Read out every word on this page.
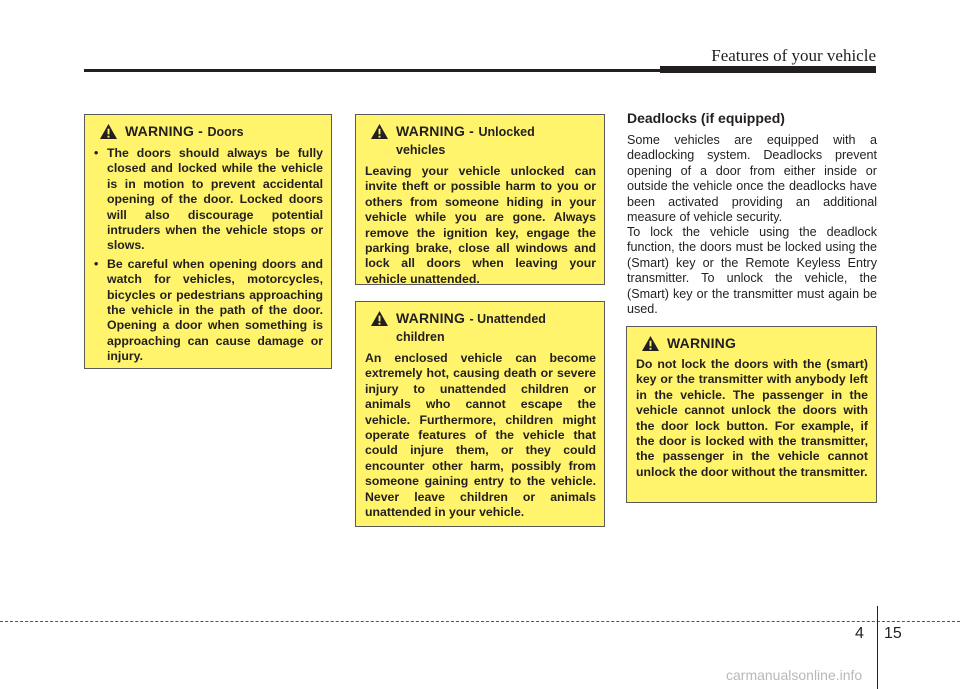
Features of your vehicle
WARNING - Doors
• The doors should always be fully closed and locked while the vehicle is in motion to prevent accidental opening of the door. Locked doors will also discourage potential intruders when the vehicle stops or slows.
• Be careful when opening doors and watch for vehicles, motorcycles, bicycles or pedestrians approaching the vehicle in the path of the door. Opening a door when something is approaching can cause damage or injury.
WARNING - Unlocked vehicles

Leaving your vehicle unlocked can invite theft or possible harm to you or others from someone hiding in your vehicle while you are gone. Always remove the ignition key, engage the parking brake, close all windows and lock all doors when leaving your vehicle unattended.

WARNING - Unattended children

An enclosed vehicle can become extremely hot, causing death or severe injury to unattended children or animals who cannot escape the vehicle. Furthermore, children might operate features of the vehicle that could injure them, or they could encounter other harm, possibly from someone gaining entry to the vehicle. Never leave children or animals unattended in your vehicle.

Deadlocks (if equipped)

Some vehicles are equipped with a deadlocking system. Deadlocks prevent opening of a door from either inside or outside the vehicle once the deadlocks have been activated providing an additional measure of vehicle security.

To lock the vehicle using the deadlock function, the doors must be locked using the (Smart) key or the Remote Keyless Entry transmitter. To unlock the vehicle, the (Smart) key or the transmitter must again be used.

WARNING

Do not lock the doors with the (smart) key or the transmitter with anybody left in the vehicle. The passenger in the vehicle cannot unlock the doors with the door lock button. For example, if the door is locked with the transmitter, the passenger in the vehicle cannot unlock the door without the transmitter.

4 15
carmanualsonline.info
